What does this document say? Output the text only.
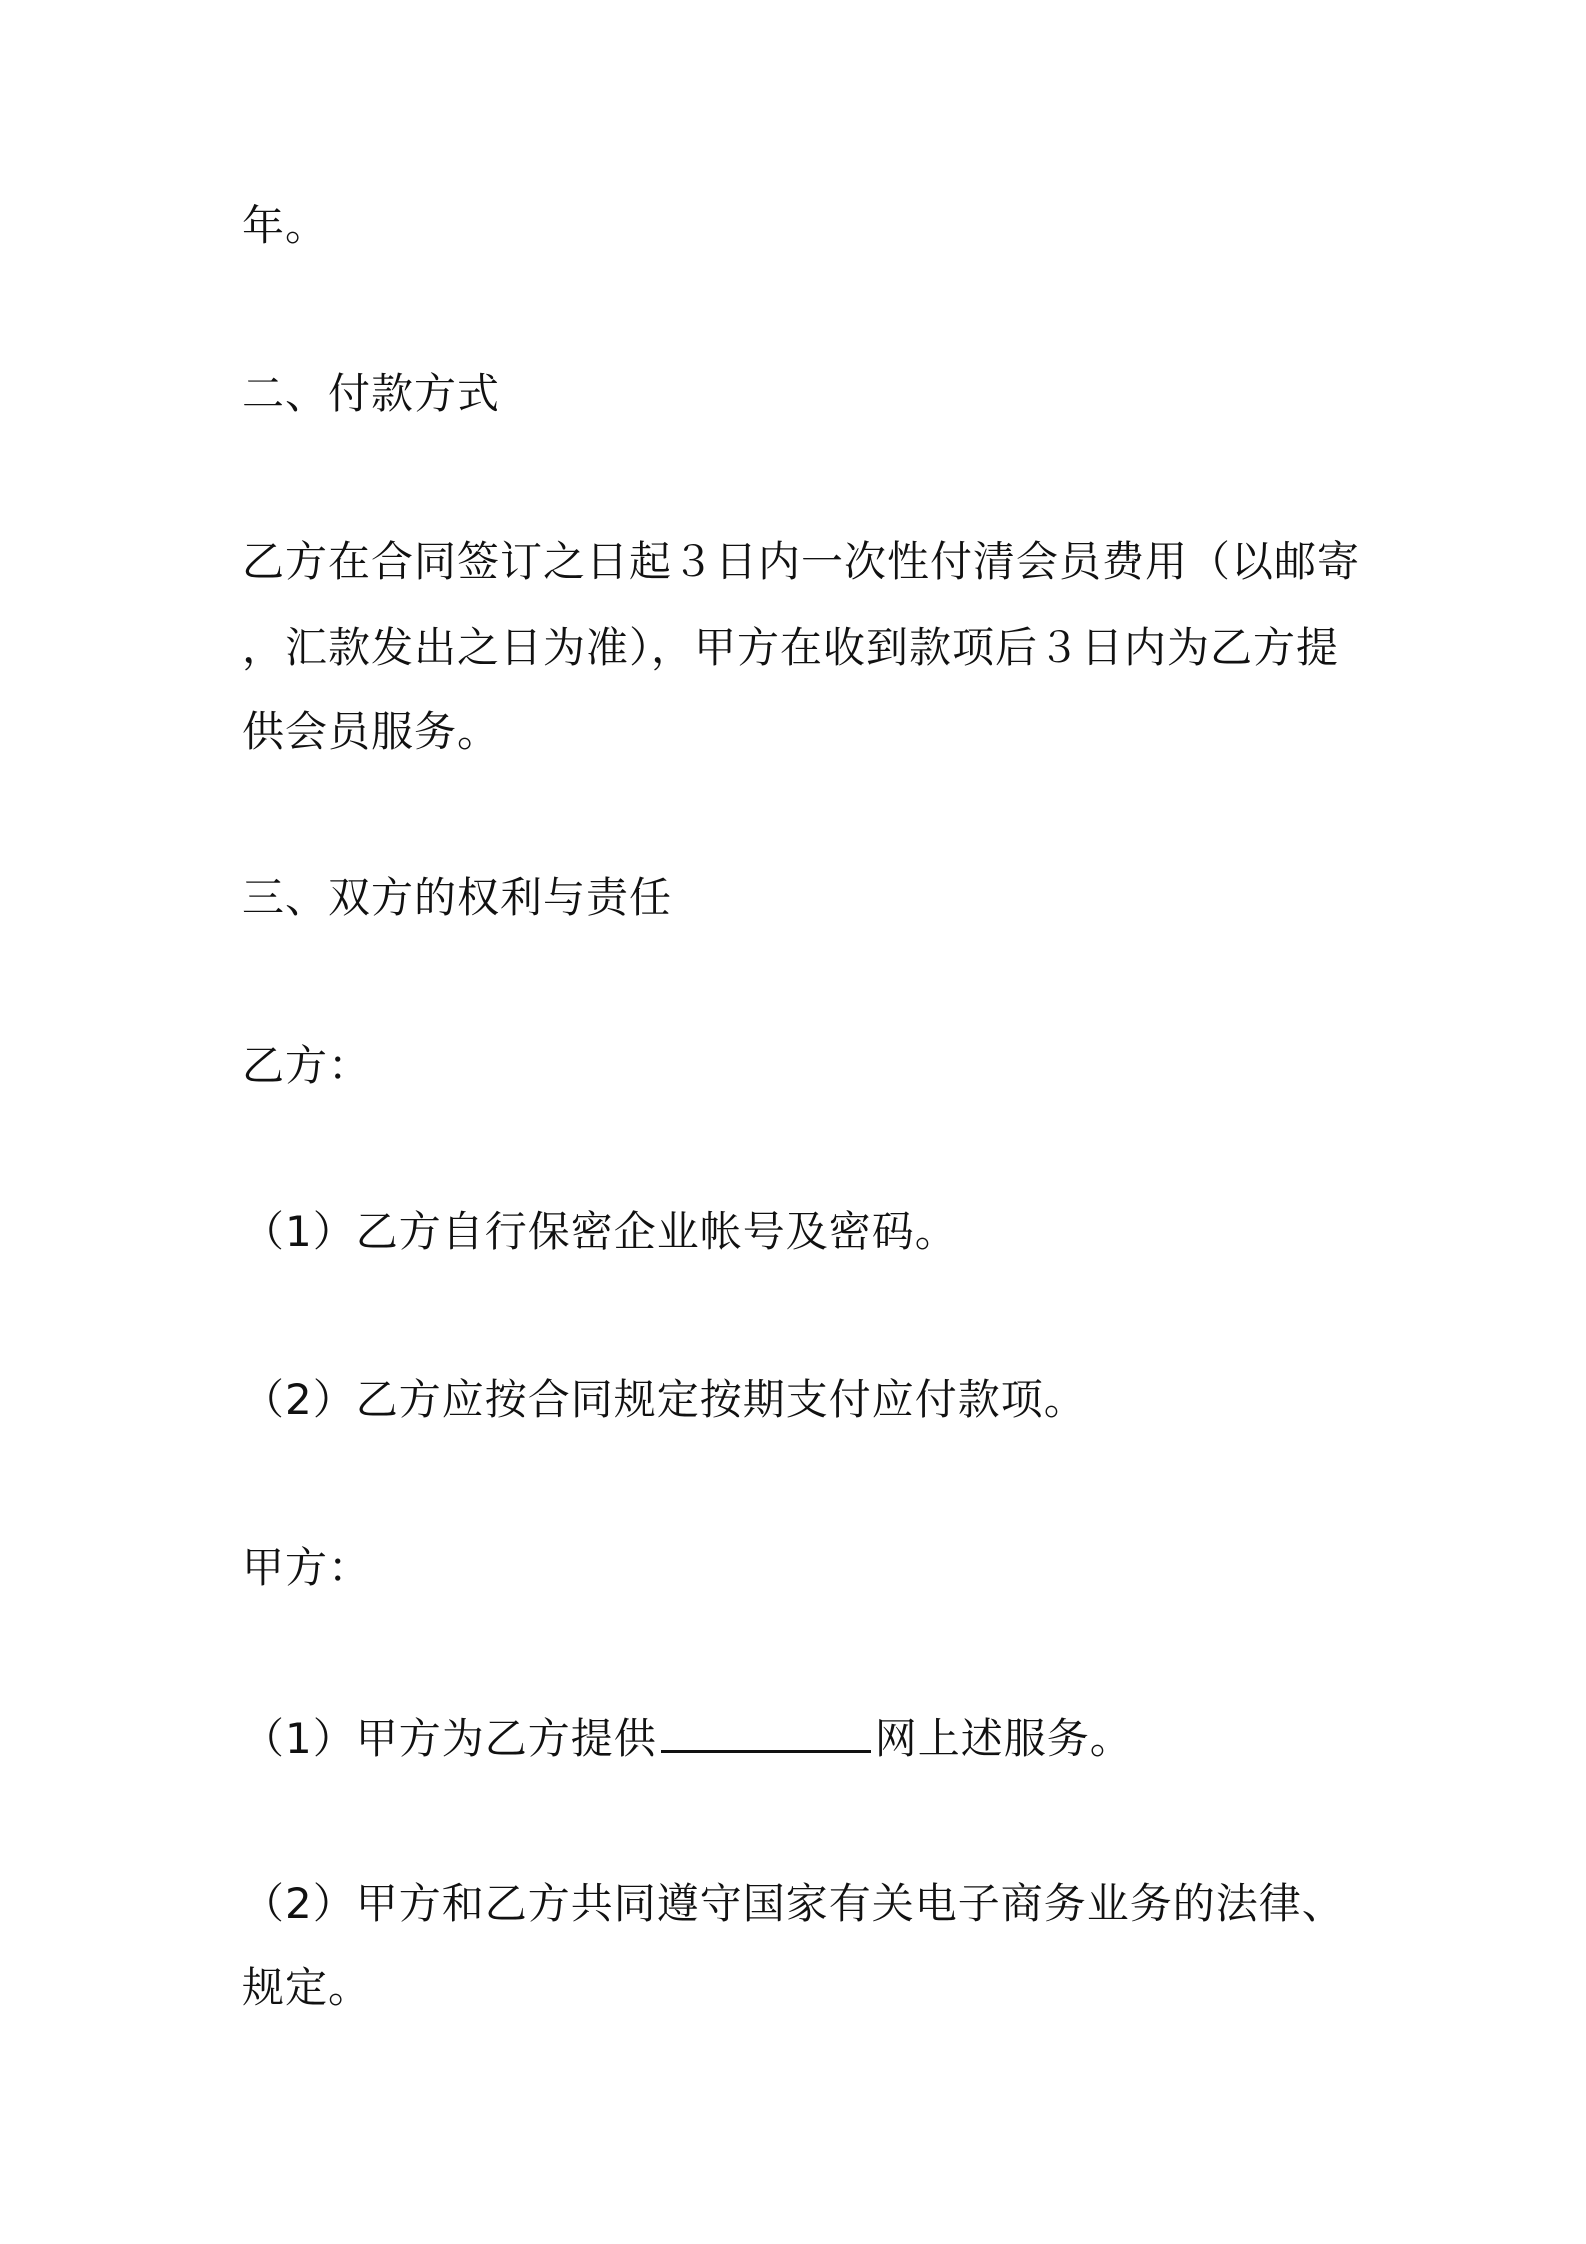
年。
二、付款方式
乙方在合同签订之日起３日内一次性付清会员费用（以邮寄
，汇款发出之日为准），甲方在收到款项后３日内为乙方提
供会员服务。
三、双方的权利与责任
乙方：
（1）乙方自行保密企业帐号及密码。
（2）乙方应按合同规定按期支付应付款项。
甲方：
（1）甲方为乙方提供	网上述服务。
（2）甲方和乙方共同遵守国家有关电子商务业务的法律、
规定。
